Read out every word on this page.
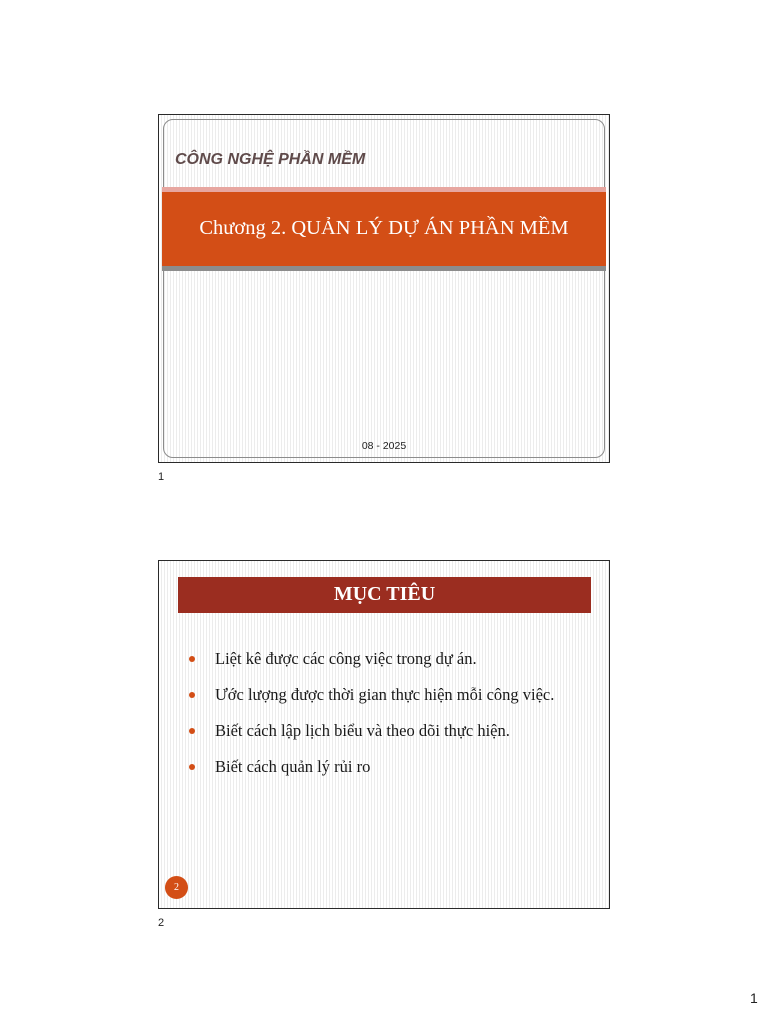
CÔNG NGHỆ PHẦN MỀM
Chương 2. QUẢN LÝ DỰ ÁN PHẦN MỀM
08 - 2025
1
MỤC TIÊU
Liệt kê được các công việc trong dự án.
Ước lượng được thời gian thực hiện mỗi công việc.
Biết cách lập lịch biểu và theo dõi thực hiện.
Biết cách quản lý rủi ro
2
2
1
